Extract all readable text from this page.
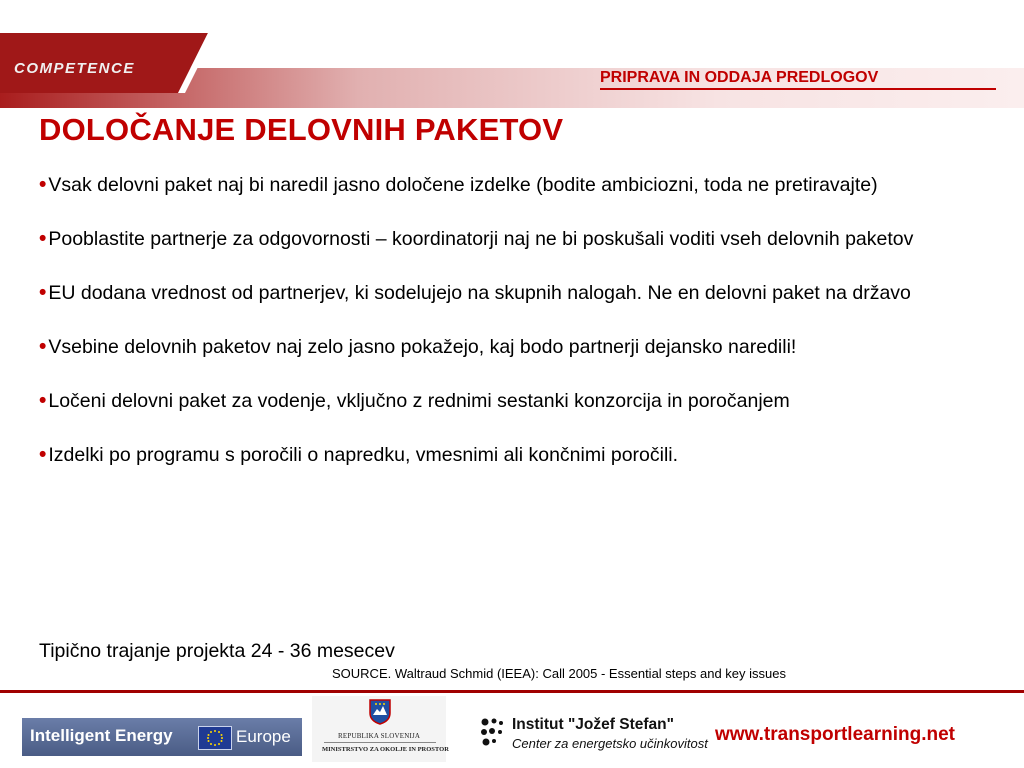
COMPETENCE
PRIPRAVA IN ODDAJA PREDLOGOV
DOLOČANJE DELOVNIH PAKETOV
• Vsak delovni paket naj bi naredil jasno določene izdelke (bodite ambiciozni, toda ne pretiravajte)
• Pooblastite partnerje za odgovornosti – koordinatorji naj ne bi poskušali voditi vseh delovnih paketov
• EU dodana vrednost od partnerjev, ki sodelujejo na skupnih nalogah. Ne en delovni paket na državo
• Vsebine delovnih paketov naj zelo jasno pokažejo, kaj bodo partnerji dejansko naredili!
• Ločeni delovni paket za vodenje, vključno z rednimi sestanki konzorcija in poročanjem
• Izdelki po programu s poročili o napredku, vmesnimi ali končnimi poročili.
Tipično trajanje projekta 24 - 36 mesecev
SOURCE. Waltraud Schmid (IEEA): Call 2005 - Essential steps and key issues
Intelligent Energy	Europe	REPUBLIKA SLOVENIJA
MINISTRSTVO ZA OKOLJE IN PROSTOR
Institut "Jožef Stefan"
Center za energetsko učinkovitost www.transportlearning.net
